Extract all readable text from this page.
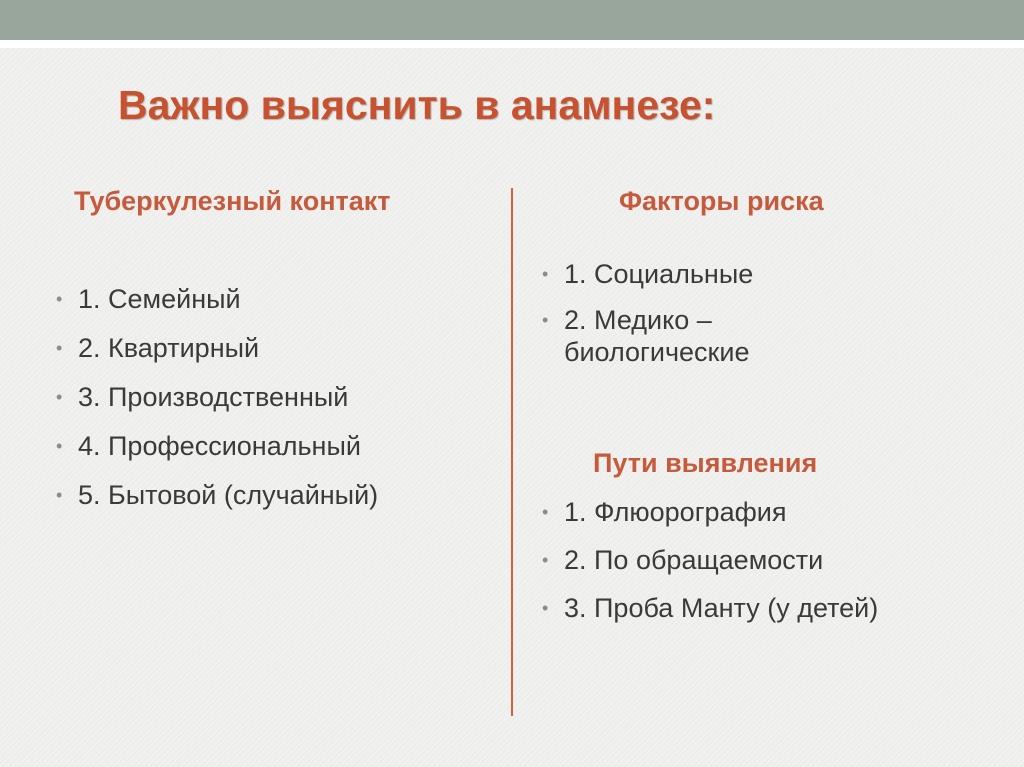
Важно выяснить в анамнезе:
Туберкулезный контакт	Факторы риска
• 1. Семейный
• 2. Квартирный
• 3. Производственный
• 4. Профессиональный
• 5. Бытовой (случайный)
• 1. Социальные
• 2. Медико – биологические
Пути выявления
• 1. Флюорография
• 2. По обращаемости
• 3. Проба Манту (у детей)
